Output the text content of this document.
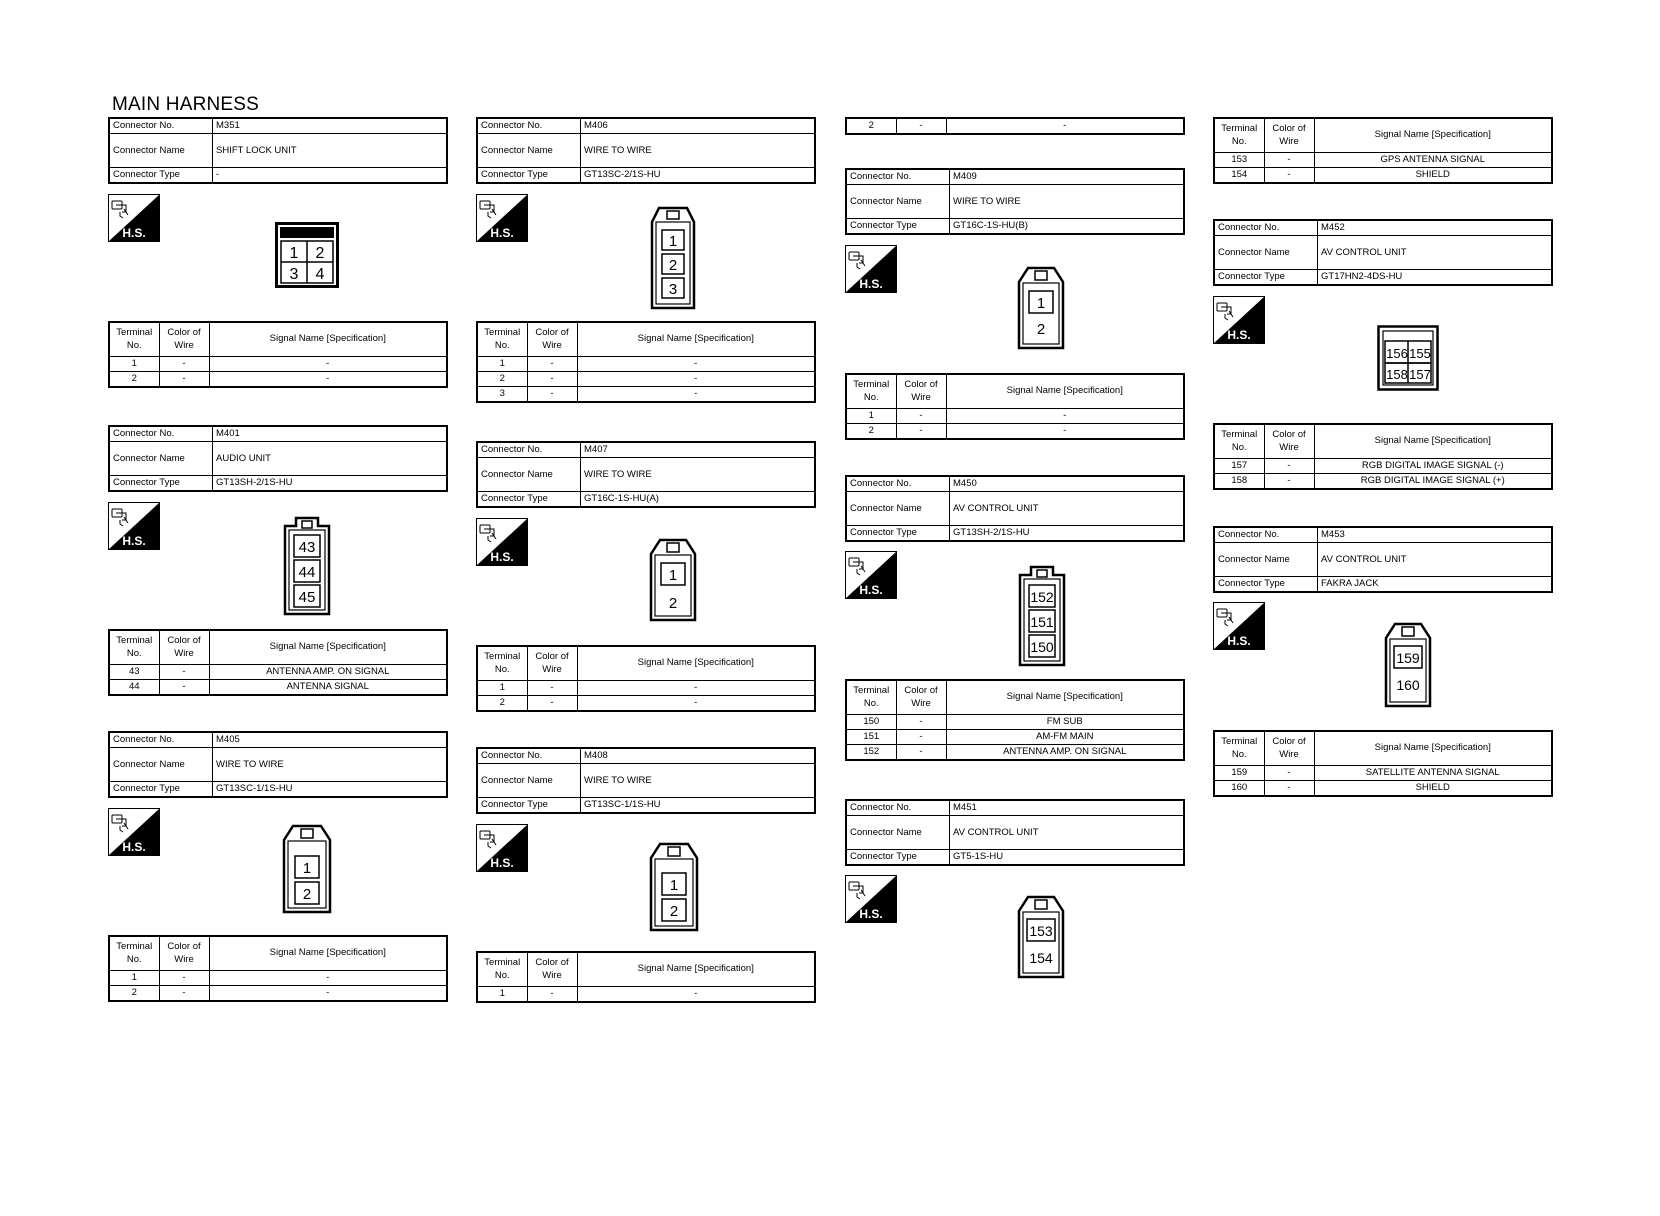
MAIN HARNESS
Connector No.	M351
Connector Name	SHIFT LOCK UNIT
Connector Type	-
H.S.
1 2
3 4
Terminal No.	Color of Wire	Signal Name [Specification]
1	-	-
2	-	-
Connector No.	M401
Connector Name	AUDIO UNIT
Connector Type	GT13SH-2/1S-HU
H.S.	43
44
45
Terminal No.	Color of Wire	Signal Name [Specification]
43	-	ANTENNA AMP. ON SIGNAL
44	-	ANTENNA SIGNAL
Connector No.	M405
Connector Name	WIRE TO WIRE
Connector Type	GT13SC-1/1S-HU
H.S.
1
2
Terminal No.	Color of Wire	Signal Name [Specification]
1	-	-
2	-	-
Connector No.	M406
Connector Name	WIRE TO WIRE
Connector Type	GT13SC-2/1S-HU
H.S.	1
2
3
Terminal No.	Color of Wire	Signal Name [Specification]
1	-	-
2	-	-
3	-	-
Connector No.	M407
Connector Name	WIRE TO WIRE
Connector Type	GT16C-1S-HU(A)
H.S.
1
2
Terminal No.	Color of Wire	Signal Name [Specification]
1	-	-
2	-	-
Connector No.	M408
Connector Name	WIRE TO WIRE
Connector Type	GT13SC-1/1S-HU
H.S.
1
2
Terminal No.	Color of Wire	Signal Name [Specification]
1	-	-
2	-	-
Connector No.	M409
Connector Name	WIRE TO WIRE
Connector Type	GT16C-1S-HU(B)
H.S.
1
2
Terminal No.	Color of Wire	Signal Name [Specification]
1	-	-
2	-	-
Connector No.	M450
Connector Name	AV CONTROL UNIT
Connector Type	GT13SH-2/1S-HU
H.S.	152
151
150
Terminal No.	Color of Wire	Signal Name [Specification]
150	-	FM SUB
151	-	AM-FM MAIN
152	-	ANTENNA AMP. ON SIGNAL
Connector No.	M451
Connector Name	AV CONTROL UNIT
Connector Type	GT5-1S-HU
H.S.
153
154
Terminal No.	Color of Wire	Signal Name [Specification]
153	-	GPS ANTENNA SIGNAL
154	-	SHIELD
Connector No.	M452
Connector Name	AV CONTROL UNIT
Connector Type	GT17HN2-4DS-HU
H.S.
156 155
158 157
Terminal No.	Color of Wire	Signal Name [Specification]
157	-	RGB DIGITAL IMAGE SIGNAL (-)
158	-	RGB DIGITAL IMAGE SIGNAL (+)
Connector No.	M453
Connector Name	AV CONTROL UNIT
Connector Type	FAKRA JACK
H.S.
159
160
Terminal No.	Color of Wire	Signal Name [Specification]
159	-	SATELLITE ANTENNA SIGNAL
160	-	SHIELD
